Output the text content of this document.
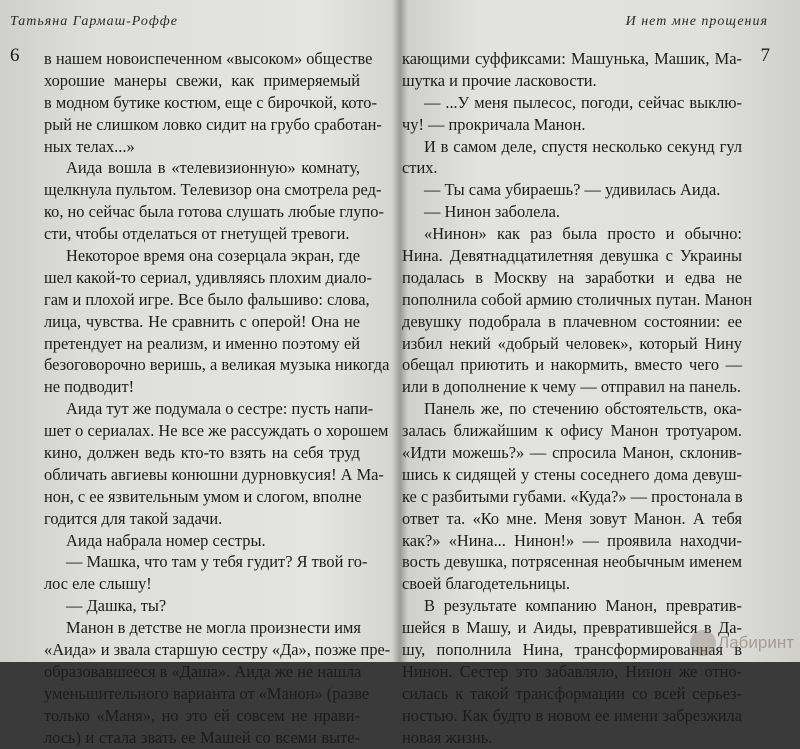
Татьяна Гармаш-Роффе
6 в нашем новоиспеченном «высоком» обществе
хорошие манеры свежи, как примеряемый
в модном бутике костюм, еще с бирочкой, кото-
рый не слишком ловко сидит на грубо сработан-
ных телах...»
Аида вошла в «телевизионную» комнату,
щелкнула пультом. Телевизор она смотрела ред-
ко, но сейчас была готова слушать любые глупо-
сти, чтобы отделаться от гнетущей тревоги.
Некоторое время она созерцала экран, где
шел какой-то сериал, удивляясь плохим диало-
гам и плохой игре. Все было фальшиво: слова,
лица, чувства. Не сравнить с оперой! Она не
претендует на реализм, и именно поэтому ей
безоговорочно веришь, а великая музыка никогда
не подводит!
Аида тут же подумала о сестре: пусть напи-
шет о сериалах. Не все же рассуждать о хорошем
кино, должен ведь кто-то взять на себя труд
обличать авгиевы конюшни дурновкусия! А Ма-
нон, с ее язвительным умом и слогом, вполне
годится для такой задачи.
Аида набрала номер сестры.
— Машка, что там у тебя гудит? Я твой го-
лос еле слышу!
— Дашка, ты?
Манон в детстве не могла произнести имя
«Аида» и звала старшую сестру «Да», позже пре-
образовавшееся в «Даша». Аида же не нашла
уменьшительного варианта от «Манон» (разве
только «Маня», но это ей совсем не нрави-
лось) и стала звать ее Машей со всеми выте-
И нет мне прощения
7
кающими суффиксами: Машунька, Машик, Ма-
шутка и прочие ласковости.
— ...У меня пылесос, погоди, сейчас выклю-
чу! — прокричала Манон.
И в самом деле, спустя несколько секунд гул
стих.
— Ты сама убираешь? — удивилась Аида.
— Нинон заболела.
«Нинон» как раз была просто и обычно:
Нина. Девятнадцатилетняя девушка с Украины
подалась в Москву на заработки и едва не
пополнила собой армию столичных путан. Манон
девушку подобрала в плачевном состоянии: ее
избил некий «добрый человек», который Нину
обещал приютить и накормить, вместо чего —
или в дополнение к чему — отправил на панель.
Панель же, по стечению обстоятельств, ока-
залась ближайшим к офису Манон тротуаром.
«Идти можешь?» — спросила Манон, склонив-
шись к сидящей у стены соседнего дома девуш-
ке с разбитыми губами. «Куда?» — простонала в
ответ та. «Ко мне. Меня зовут Манон. А тебя
как?» «Нина... Нинон!» — проявила находчи-
вость девушка, потрясенная необычным именем
своей благодетельницы.
В результате компанию Манон, превратив-
шейся в Машу, и Аиды, превратившейся в Да-
шу, пополнила Нина, трансформированная в
Нинон. Сестер это забавляло, Нинон же отно-
силась к такой трансформации со всей серьез-
ностью. Как будто в новом ее имени забрезжила
новая жизнь.
Лабиринт
